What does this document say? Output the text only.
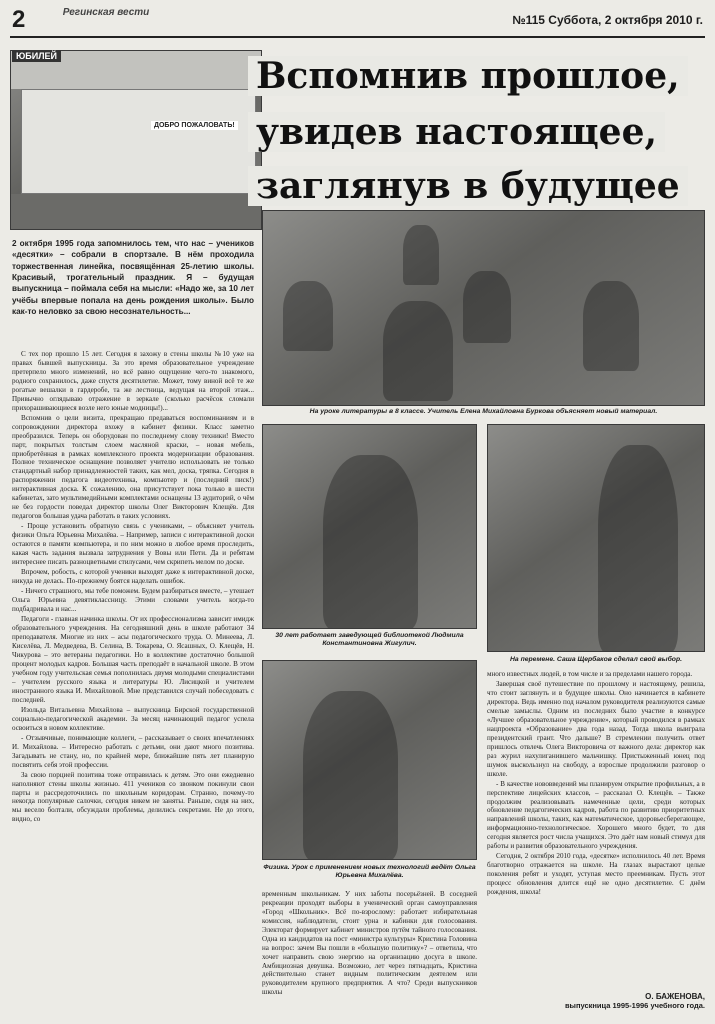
2	Регинская вести
№115 Суббота, 2 октября 2010 г.
ДОБРО ПОЖАЛОВАТЬ!
ЮБИЛЕЙ	Вспомнив прошлое,
увидев настоящее,
заглянув в будущее
2 октября 1995 года запомнилось тем, что нас – учеников «десятки» – собрали в спортзале. В нём проходила торжественная линейка, посвящённая 25-летию школы. Красивый, трогательный праздник. Я – будущая выпускница – поймала себя на мысли: «Надо же, за 10 лет учёбы впервые попала на день рождения школы». Было как-то неловко за свою несознательность...
На уроке литературы в 8 классе. Учитель Елена Михайловна Буркова объясняет новый материал.

С тех пор прошло 15 лет. Сегодня я захожу в стены школы №10 уже на правах бывшей выпускницы. За это время образовательное учреждение претерпело много изменений, но всё равно ощущение чего-то знакомого, родного сохранилось, даже спустя десятилетие. Может, тому виной всё те же рогатые вешалки в гардеробе, та же лестница, ведущая на второй этаж... Привычно оглядываю отражение в зеркале (сколько расчёсок сломали прихорашивающиеся возле него юные модницы!)...

Вспомнив о цели визита, прекращаю предаваться воспоминаниям и в сопровождении директора вхожу в кабинет физики. Класс заметно преобразился. Теперь он оборудован по последнему слову техники! Вместо парт, покрытых толстым слоем масляной краски, – новая мебель, приобретённая в рамках комплексного проекта модернизации образования. Полное техническое оснащение позволяет учителю использовать не только стандартный набор принадлежностей таких, как мел, доска, тряпка. Сегодня в распоряжении педагога видеотехника, компьютер и (последний писк!) интерактивная доска. К сожалению, она присутствует пока только в шести кабинетах, зато мультимедийными комплектами оснащены 13 аудиторий, о чём не без гордости поведал директор школы Олег Викторович Клещёв. Для педагогов большая удача работать в таких условиях.

- Проще установить обратную связь с учениками, – объясняет учитель физики Ольга Юрьевна Михалёва. – Например, записи с интерактивной доски остаются в памяти компьютера, и по ним можно в любое время проследить, какая часть задания вызвала затруднения у Вовы или Пети. Да и ребятам интереснее писать разноцветными стилусами, чем скрипеть мелом по доске.

Впрочем, робость, с которой ученики выходят даже к интерактивной доске, никуда не делась. По-прежнему боятся наделать ошибок.

- Ничего страшного, мы тебе поможем. Будем разбираться вместе, – утешает Ольга Юрьевна девятиклассницу. Этими словами учитель когда-то подбадривала и нас...

Педагоги - главная начинка школы. От их профессионализма зависит имидж образовательного учреждения. На сегодняшний день в школе работают 34 преподавателя. Многие из них – асы педагогического труда. О. Минеева, Л. Киселёва, Л. Медведева, В. Селина, В. Токарева, О. Ясашных, О. Клещёв, Н. Чикурова – это ветераны педагогики. Но в коллективе достаточно большой процент молодых кадров. Большая часть преподаёт в начальной школе. В этом учебном году учительская семья пополнилась двумя молодыми специалистами – учителем русского языка и литературы Ю. Лисицкой и учителем иностранного языка И. Михайловой. Мне представился случай побеседовать с последней.

Изольда Витальевна Михайлова – выпускница Бирской государственной социально-педагогической академии. За месяц начинающий педагог успела освоиться в новом коллективе.

- Отзывчивые, понимающие коллеги, – рассказывает о своих впечатлениях И. Михайлова. – Интересно работать с детьми, они дают много позитива. Загадывать не стану, но, по крайней мере, ближайшие пять лет планирую посвятить себя этой профессии.

За свою порцией позитива тоже отправилась к детям. Это они ежедневно наполняют стены школы жизнью. 411 учеников со звонком покинули свои парты и рассредоточились по школьным коридорам. Странно, почему-то некогда популярные салочки, сегодня никем не заняты. Раньше, сидя на них, мы весело болтали, обсуждали проблемы, делились секретами. Не до этого, видно, со

30 лет работает заведующей библиотекой Людмила Константиновна Жигулич.
На перемене. Саша Щербаков сделал свой выбор.
Физика. Урок с применением новых технологий ведёт Ольга Юрьевна Михалёва.

временным школьникам. У них заботы посерьёзней. В соседней рекреации проходят выборы в ученический орган самоуправления «Город «Школьник». Всё по-взрослому: работает избирательная комиссия, наблюдатели, стоит урна и кабинки для голосования. Электорат формирует кабинет министров путём тайного голосования. Одна из кандидатов на пост «министра культуры» Кристина Головина на вопрос: зачем Вы пошли в «большую политику»? – ответила, что хочет направить свою энергию на организацию досуга в школе. Амбициозная девушка. Возможно, лет через пятнадцать, Кристина действительно станет видным политическим деятелем или руководителем крупного предприятия. А что? Среди выпускников школы

много известных людей, в том числе и за пределами нашего города.

Завершая своё путешествие по прошлому и настоящему, решила, что стоит заглянуть и в будущее школы. Оно начинается в кабинете директора. Ведь именно под началом руководителя реализуются самые смелые замыслы. Одним из последних было участие в конкурсе «Лучшее образовательное учреждение», который проводился в рамках нацпроекта «Образование» два года назад. Тогда школа выиграла президентский грант. Что дальше? В стремлении получить ответ пришлось отвлечь Олега Викторовича от важного дела: директор как раз журил нахулиганившего мальчишку. Пристыженный юнец под шумок выскользнул на свободу, а взрослые продолжили разговор о школе.

- В качестве нововведений мы планируем открытие профильных, а в перспективе лицейских классов, – рассказал О. Клещёв. – Также продолжим реализовывать намеченные цели, среди которых обновление педагогических кадров, работа по развитию приоритетных направлений школы, таких, как математическое, здоровьесберегающее, информационно-технологическое. Хорошего много будет, то для сегодня является рост числа учащихся. Это даёт нам новый стимул для работы и развития образовательного учреждения.

Сегодня, 2 октября 2010 года, «десятке» исполнилось 40 лет. Время благотворно отражается на школе. На глазах вырастают целые поколения ребят и уходят, уступая место преемникам. Пусть этот процесс обновления длится ещё не одно десятилетие. С днём рождения, школа!

О. БАЖЕНОВА,
выпускница 1995-1996 учебного года.
